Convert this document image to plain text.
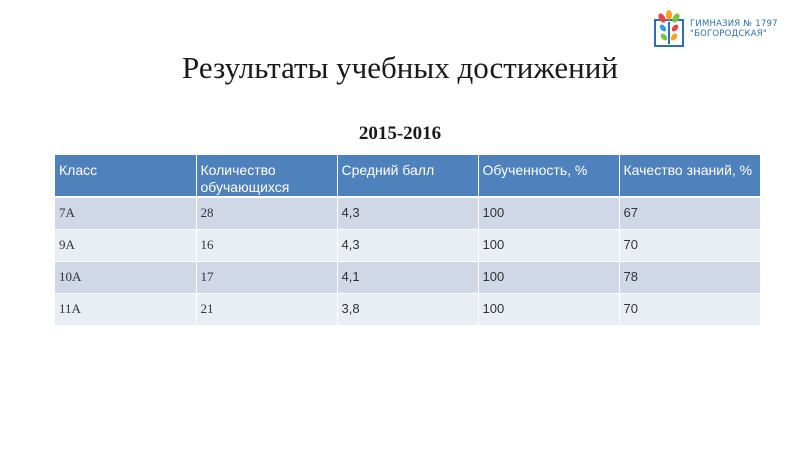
ГИМНАЗИЯ № 1797
"БОГОРОДСКАЯ"
Результаты учебных достижений
2015-2016
Класс	Количество обучающихся	Средний балл	Обученность, %	Качество знаний, %
7А	28	4,3	100	67
9А	16	4,3	100	70
10А	17	4,1	100	78
11А	21	3,8	100	70
